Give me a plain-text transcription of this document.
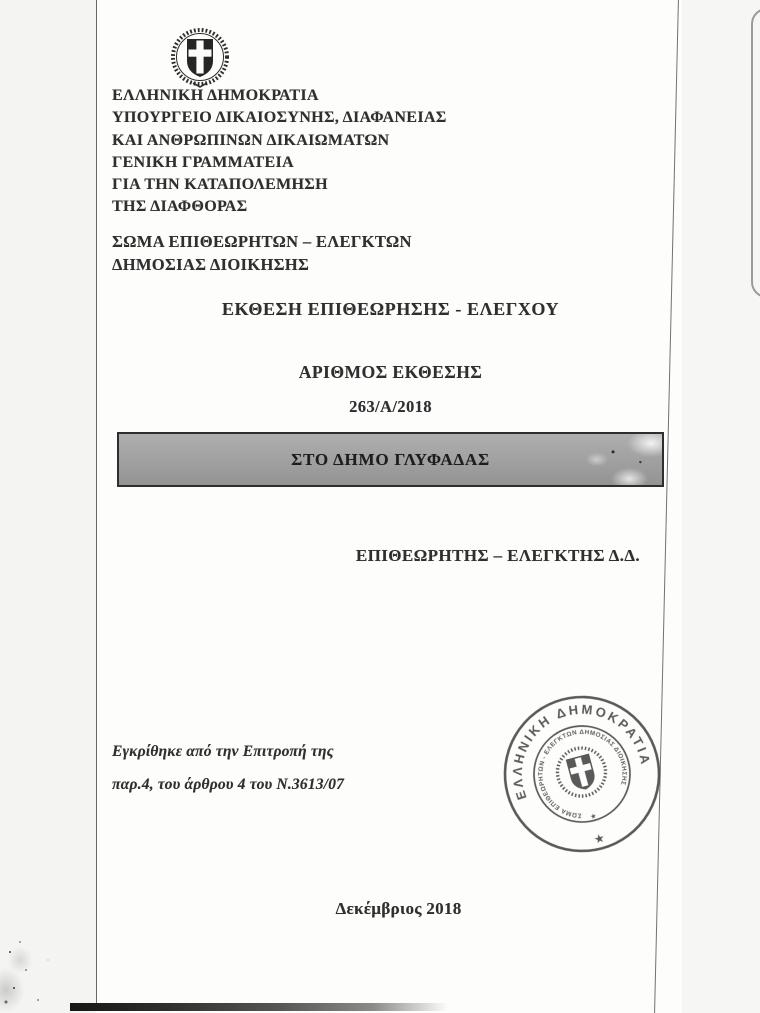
ΕΛΛΗΝΙΚΗ ΔΗΜΟΚΡΑΤΙΑ
ΥΠΟΥΡΓΕΙΟ ΔΙΚΑΙΟΣΥΝΗΣ, ΔΙΑΦΑΝΕΙΑΣ
ΚΑΙ ΑΝΘΡΩΠΙΝΩΝ ΔΙΚΑΙΩΜΑΤΩΝ
ΓΕΝΙΚΗ ΓΡΑΜΜΑΤΕΙΑ
ΓΙΑ ΤΗΝ ΚΑΤΑΠΟΛΕΜΗΣΗ
ΤΗΣ ΔΙΑΦΘΟΡΑΣ
ΣΩΜΑ ΕΠΙΘΕΩΡΗΤΩΝ – ΕΛΕΓΚΤΩΝ
ΔΗΜΟΣΙΑΣ ΔΙΟΙΚΗΣΗΣ
ΕΚΘΕΣΗ ΕΠΙΘΕΩΡΗΣΗΣ - ΕΛΕΓΧΟΥ
ΑΡΙΘΜΟΣ ΕΚΘΕΣΗΣ
263/Α/2018
ΣΤΟ ΔΗΜΟ ΓΛΥΦΑΔΑΣ
ΕΠΙΘΕΩΡΗΤΗΣ – ΕΛΕΓΚΤΗΣ Δ.Δ.
Εγκρίθηκε από την Επιτροπή της
παρ.4, του άρθρου 4 του Ν.3613/07
ΕΛΛΗΝΙΚΗ ΔΗΜΟΚΡΑΤΙΑ
ΣΩΜΑ ΕΠΙΘΕΩΡΗΤΩΝ - ΕΛΕΓΚΤΩΝ ΔΗΜΟΣΙΑΣ ΔΙΟΙΚΗΣΗΣ
★
★
Δεκέμβριος 2018
